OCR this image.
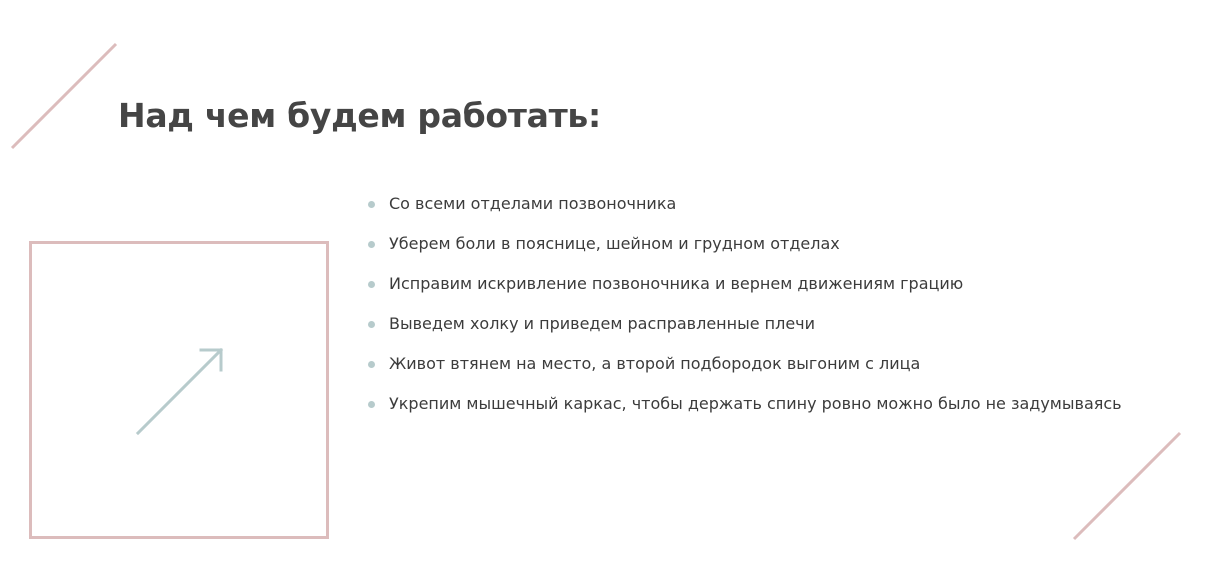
Над чем будем работать:
Со всеми отделами позвоночника
Уберем боли в пояснице, шейном и грудном отделах
Исправим искривление позвоночника и вернем движениям грацию
Выведем холку и приведем расправленные плечи
Живот втянем на место, а второй подбородок выгоним с лица
Укрепим мышечный каркас, чтобы держать спину ровно можно было не задумываясь
